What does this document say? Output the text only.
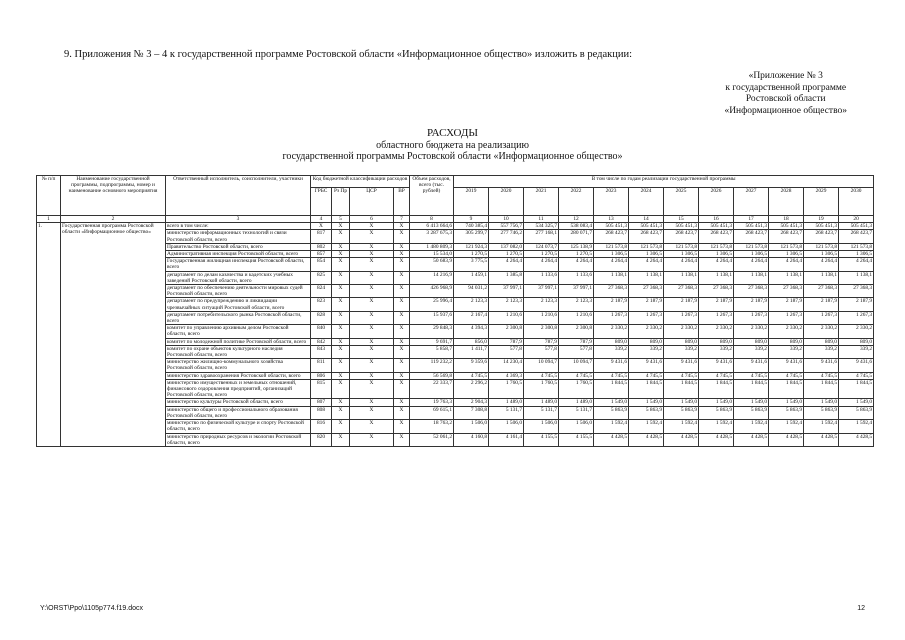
9. Приложения № 3 – 4 к государственной программе Ростовской области «Информационное общество» изложить в редакции:
«Приложение № 3
к государственной программе
Ростовской области
«Информационное общество»
РАСХОДЫ
областного бюджета на реализацию
государственной программы Ростовской области «Информационное общество»
№ п/п	Наименование государственной программы, подпрограммы, номер и наименование основного мероприятия	Ответственный исполнитель, соисполнители, участники	Код бюджетной классификации расходов				Объем расходов, всего (тыс. рублей)	В том числе по годам реализации государственной программы											
			ГРБС	Рз Пр	ЦСР	ВР		2019	2020	2021	2022	2023	2024	2025	2026	2027	2028	2029	2030
1	2	3	4	5	6	7	8	9	10	11	12	13	14	15	16	17	18	19	20
1.	Государственная программа Ростовской области «Информационное общество»	всего в том числе:	X	X	X	X	6 413 664,6	740 385,4	557 756,7	534 325,7	538 083,4	505 451,3	505 451,3	505 451,3	505 451,3	505 451,3	505 451,3	505 451,3	505 451,3
		министерство информационных технологий и связи Ростовской области, всего	817	X	X	X	3 287 675,3	305 299,7	277 746,2	277 168,1	280 071,7	268 423,7	268 423,7	268 423,7	268 423,7	268 423,7	268 423,7	268 423,7	268 423,7
		Правительство Ростовской области, всего	802	X	X	X	1 480 809,3	121 924,3	137 082,0	124 073,7	125 138,9	121 573,8	121 573,8	121 573,8	121 573,8	121 573,8	121 573,8	121 573,8	121 573,8
		Административная инспекция Ростовской области, всего	857	X	X	X	15 534,0	1 270,5	1 270,5	1 270,5	1 270,5	1 306,5	1 306,5	1 306,5	1 306,5	1 306,5	1 306,5	1 306,5	1 306,5
		Государственная жилищная инспекция Ростовской области, всего	854	X	X	X	50 683,9	3 775,5	4 264,4	4 264,4	4 264,4	4 264,4	4 264,4	4 264,4	4 264,4	4 264,4	4 264,4	4 264,4	4 264,4
		департамент по делам казачества и кадетских учебных заведений Ростовской области, всего	825	X	X	X	14 216,9	1 459,1	1 385,8	1 133,6	1 133,6	1 138,1	1 138,1	1 138,1	1 138,1	1 138,1	1 138,1	1 138,1	1 138,1
		департамент по обеспечению деятельности мировых судей Ростовской области, всего	824	X	X	X	426 968,9	94 031,2	37 997,1	37 997,1	37 997,1	27 368,3	27 368,3	27 368,3	27 368,3	27 368,3	27 368,3	27 368,3	27 368,3
		департамент по предупреждению и ликвидации чрезвычайных ситуаций Ростовской области, всего	823	X	X	X	25 996,4	2 123,3	2 123,3	2 123,3	2 123,3	2 187,9	2 187,9	2 187,9	2 187,9	2 187,9	2 187,9	2 187,9	2 187,9
		департамент потребительского рынка Ростовской области, всего	828	X	X	X	15 937,6	2 167,4	1 210,6	1 210,6	1 210,6	1 267,3	1 267,3	1 267,3	1 267,3	1 267,3	1 267,3	1 267,3	1 267,3
		комитет по управлению архивным делом Ростовской области, всего	840	X	X	X	29 848,3	4 394,3	2 300,8	2 300,8	2 300,8	2 330,2	2 330,2	2 330,2	2 330,2	2 330,2	2 330,2	2 330,2	2 330,2
		комитет по молодежной политике Ростовской области, всего	842	X	X	X	9 691,7	856,0	787,9	787,9	787,9	809,0	809,0	809,0	809,0	809,0	809,0	809,0	809,0
		комитет по охране объектов культурного наследия Ростовской области, всего	843	X	X	X	5 858,7	1 411,7	577,8	577,8	577,8	339,2	339,2	339,2	339,2	339,2	339,2	339,2	339,2
		министерство жилищно-коммунального хозяйства Ростовской области, всего	811	X	X	X	119 232,2	9 359,6	14 230,4	10 094,7	10 094,7	9 431,6	9 431,6	9 431,6	9 431,6	9 431,6	9 431,6	9 431,6	9 431,6
		министерство здравоохранения Ростовской области, всего	806	X	X	X	56 569,8	4 745,5	4 369,3	4 745,5	4 745,5	4 745,5	4 745,5	4 745,5	4 745,5	4 745,5	4 745,5	4 745,5	4 745,5
		министерство имущественных и земельных отношений, финансового оздоровления предприятий, организаций Ростовской области, всего	815	X	X	X	22 333,7	2 296,2	1 760,5	1 760,5	1 760,5	1 844,5	1 844,5	1 844,5	1 844,5	1 844,5	1 844,5	1 844,5	1 844,5
		министерство культуры Ростовской области, всего	807	X	X	X	19 763,3	2 904,3	1 489,0	1 489,0	1 489,0	1 549,0	1 549,0	1 549,0	1 549,0	1 549,0	1 549,0	1 549,0	1 549,0
		министерство общего и профессионального образования Ростовской области, всего	808	X	X	X	69 615,1	7 308,8	5 131,7	5 131,7	5 131,7	5 863,9	5 863,9	5 863,9	5 863,9	5 863,9	5 863,9	5 863,9	5 863,9
		министерство по физической культуре и спорту Ростовской области, всего	816	X	X	X	18 763,2	1 506,0	1 506,0	1 506,0	1 506,0	1 592,4	1 592,4	1 592,4	1 592,4	1 592,4	1 592,4	1 592,4	1 592,4
		министерство природных ресурсов и экологии Ростовской области, всего	820	X	X	X	52 061,2	4 160,8	4 161,4	4 155,5	4 155,5	4 428,5	4 428,5	4 428,5	4 428,5	4 428,5	4 428,5	4 428,5	4 428,5
Y:\ORST\Ppo\1105p774.f19.docx	12
